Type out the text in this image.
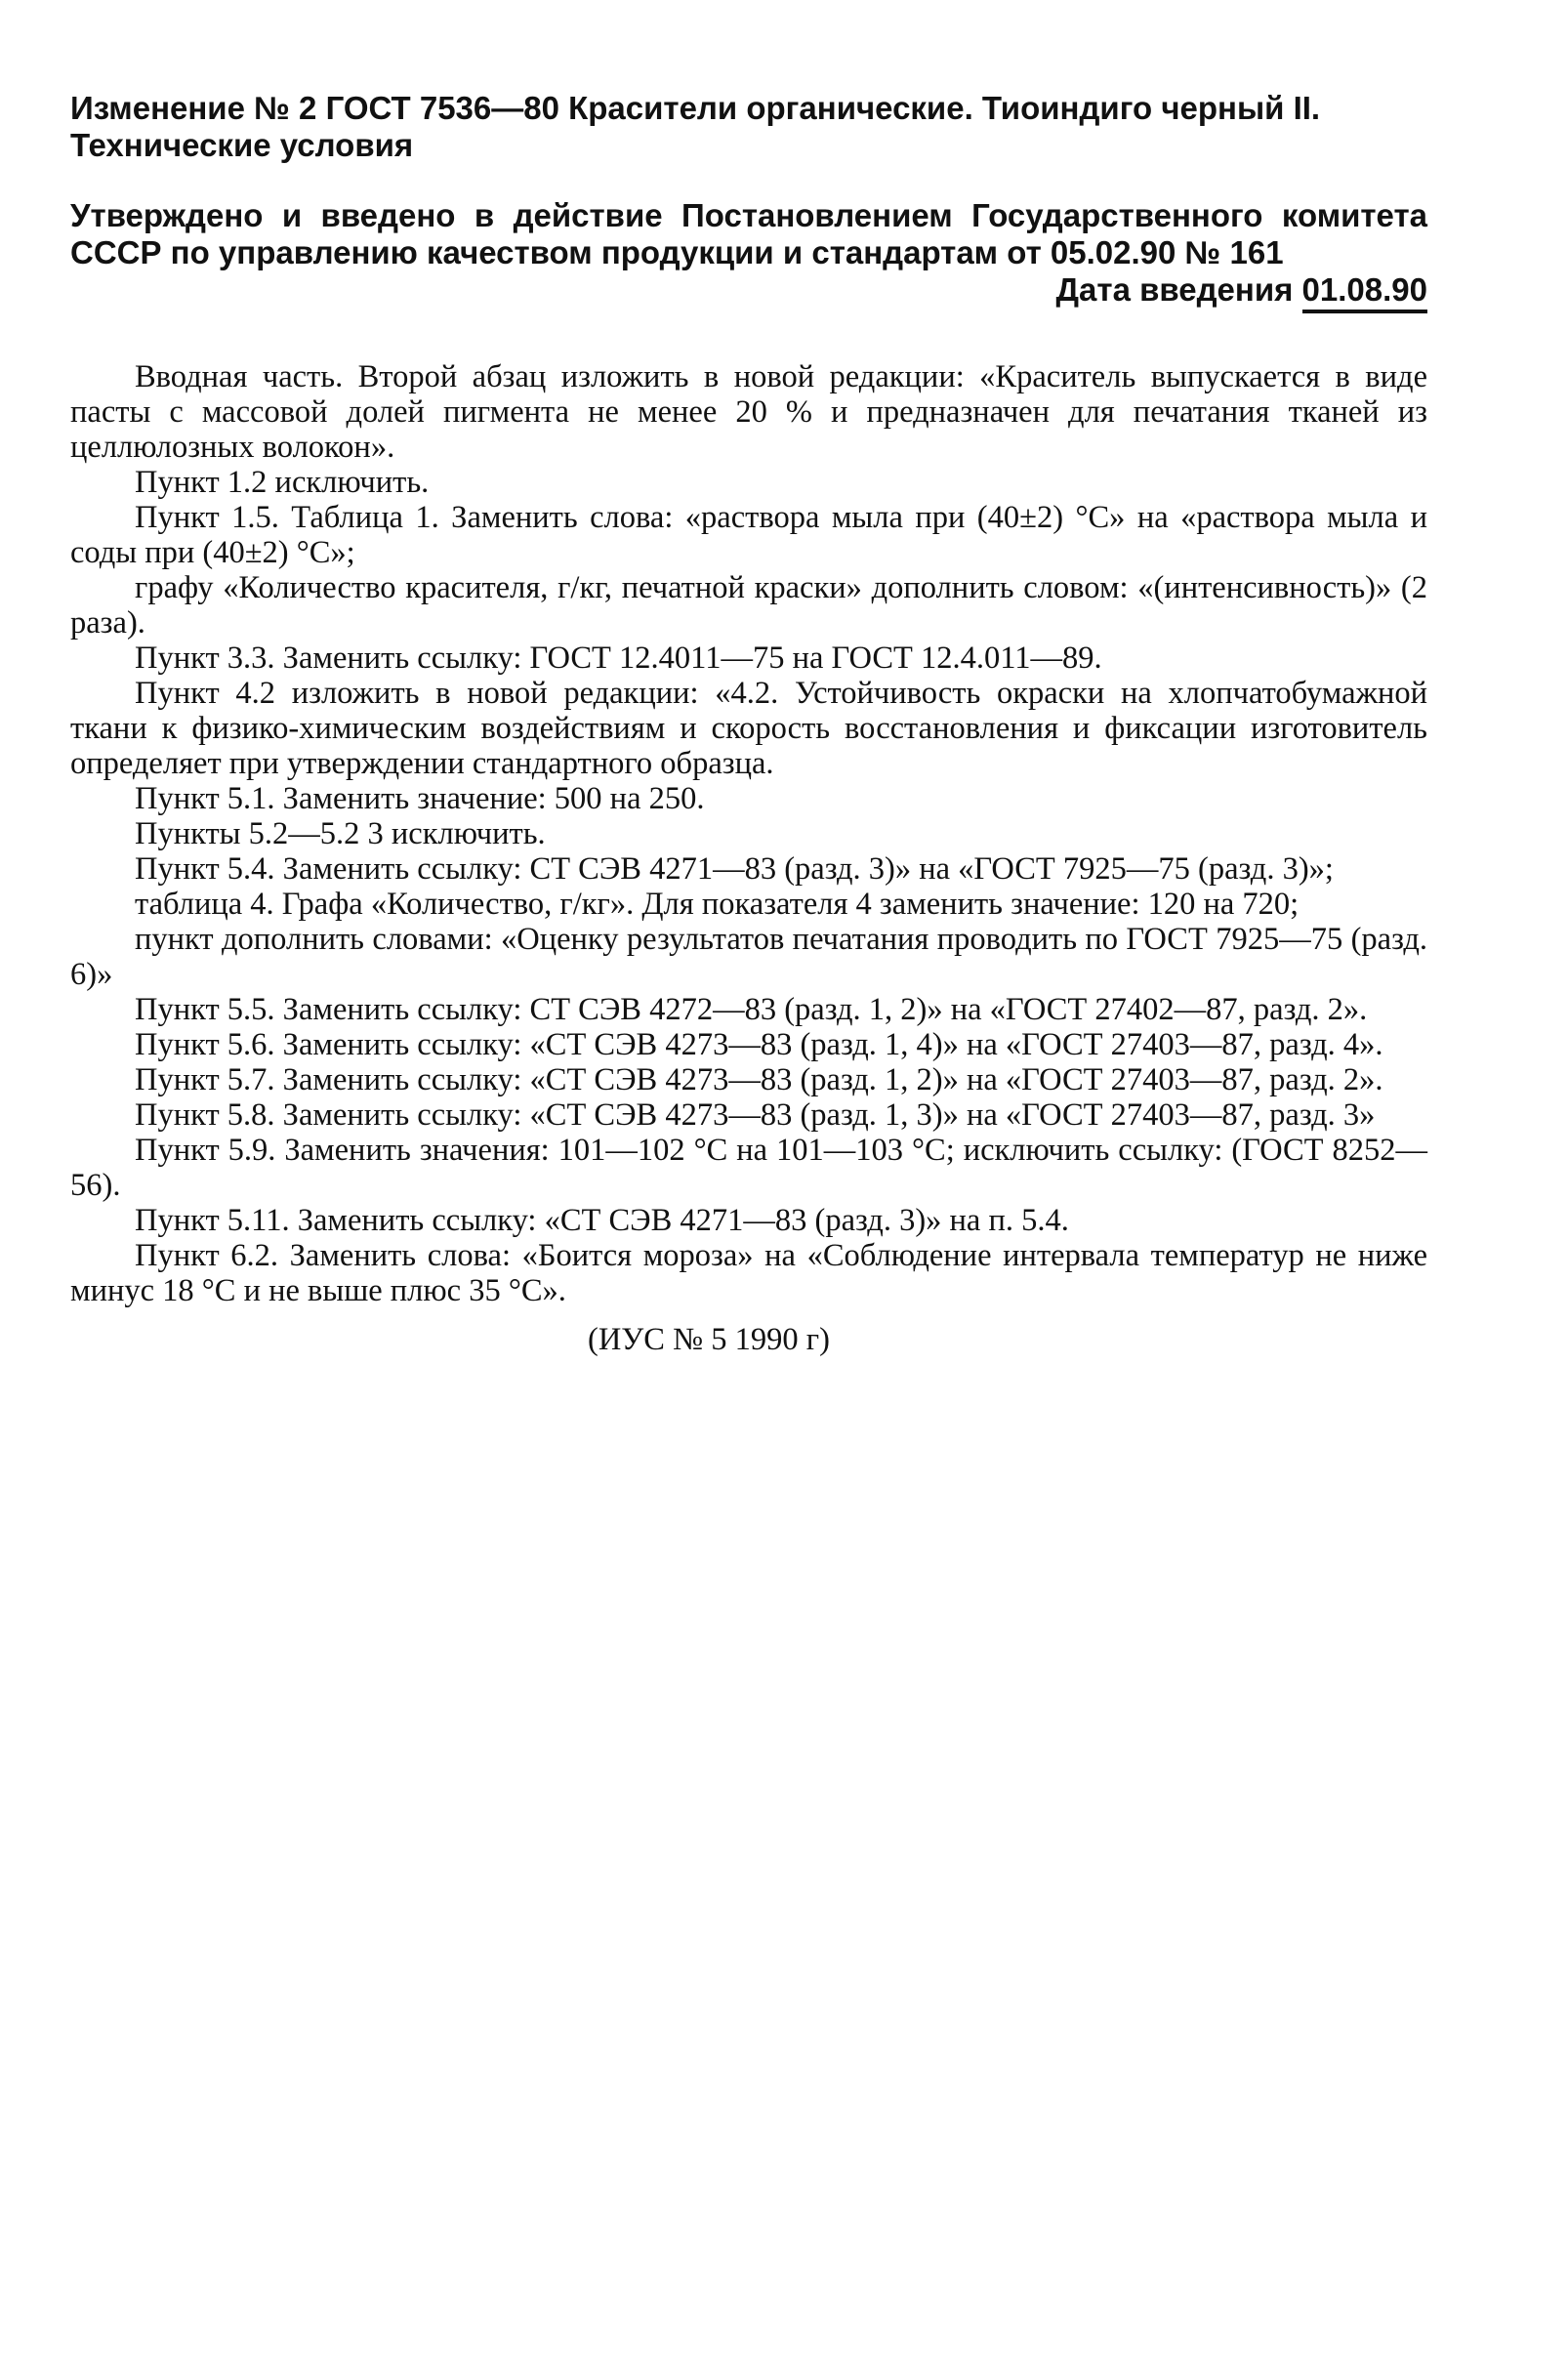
Изменение № 2 ГОСТ 7536—80 Красители органические. Тиоиндиго черный II. Технические условия

Утверждено и введено в действие Постановлением Государственного комитета СССР по управлению качеством продукции и стандартам от 05.02.90 № 161

Дата введения 01.08.90

Вводная часть. Второй абзац изложить в новой редакции: «Краситель выпускается в виде пасты с массовой долей пигмента не менее 20 % и предназначен для печатания тканей из целлюлозных волокон».

Пункт 1.2 исключить.

Пункт 1.5. Таблица 1. Заменить слова: «раствора мыла при (40±2) °С» на «раствора мыла и соды при (40±2) °С»;

графу «Количество красителя, г/кг, печатной краски» дополнить словом: «(интенсивность)» (2 раза).

Пункт 3.3. Заменить ссылку: ГОСТ 12.4011—75 на ГОСТ 12.4.011—89.

Пункт 4.2 изложить в новой редакции: «4.2. Устойчивость окраски на хлопчатобумажной ткани к физико-химическим воздействиям и скорость восстановления и фиксации изготовитель определяет при утверждении стандартного образца.

Пункт 5.1. Заменить значение: 500 на 250.

Пункты 5.2—5.2 3 исключить.

Пункт 5.4. Заменить ссылку: СТ СЭВ 4271—83 (разд. 3)» на «ГОСТ 7925—75 (разд. 3)»;

таблица 4. Графа «Количество, г/кг». Для показателя 4 заменить значение: 120 на 720;

пункт дополнить словами: «Оценку результатов печатания проводить по ГОСТ 7925—75 (разд. 6)»

Пункт 5.5. Заменить ссылку: СТ СЭВ 4272—83 (разд. 1, 2)» на «ГОСТ 27402—87, разд. 2».

Пункт 5.6. Заменить ссылку: «СТ СЭВ 4273—83 (разд. 1, 4)» на «ГОСТ 27403—87, разд. 4».

Пункт 5.7. Заменить ссылку: «СТ СЭВ 4273—83 (разд. 1, 2)» на «ГОСТ 27403—87, разд. 2».

Пункт 5.8. Заменить ссылку: «СТ СЭВ 4273—83 (разд. 1, 3)» на «ГОСТ 27403—87, разд. 3»

Пункт 5.9. Заменить значения: 101—102 °С на 101—103 °С; исключить ссылку: (ГОСТ 8252—56).

Пункт 5.11. Заменить ссылку: «СТ СЭВ 4271—83 (разд. 3)» на п. 5.4.

Пункт 6.2. Заменить слова: «Боится мороза» на «Соблюдение интервала температур не ниже минус 18 °С и не выше плюс 35 °С».

(ИУС № 5 1990 г)
